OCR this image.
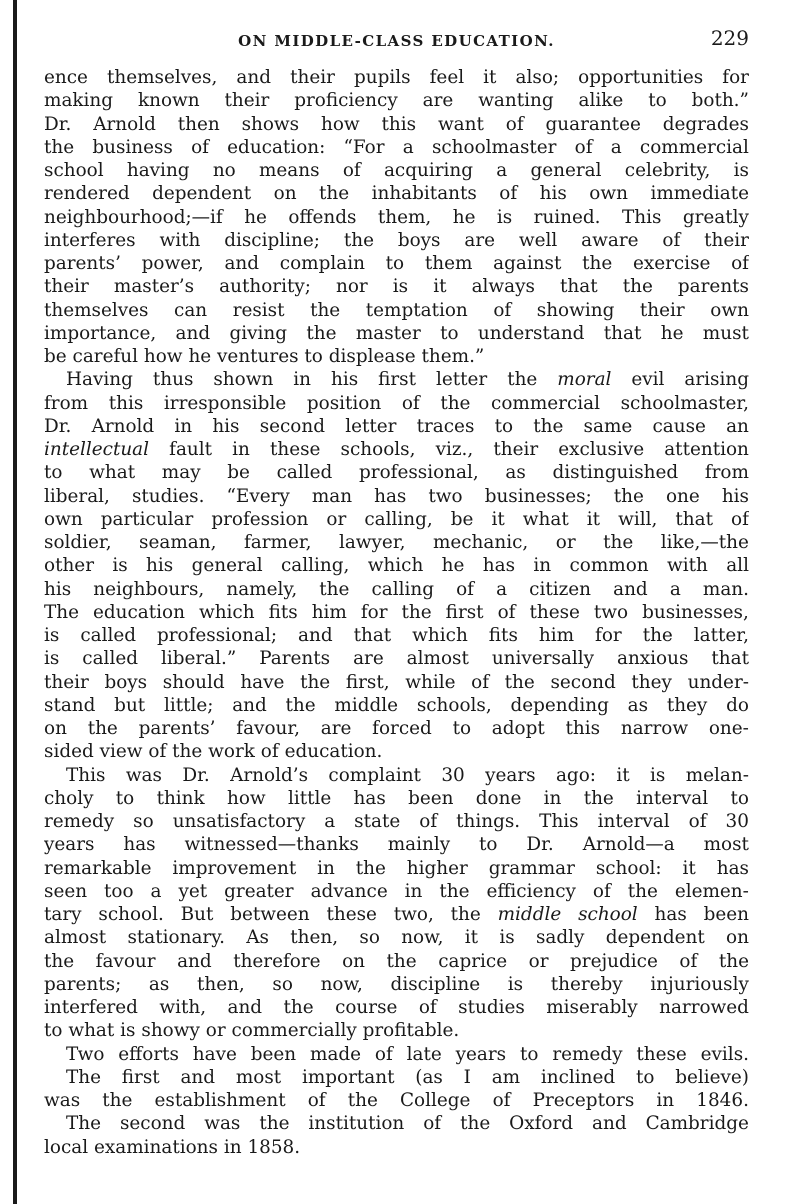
ON MIDDLE-CLASS EDUCATION.	229
ence themselves, and their pupils feel it also; opportunities for
making known their proficiency are wanting alike to both.”
Dr. Arnold then shows how this want of guarantee degrades
the business of education: “For a schoolmaster of a commercial
school having no means of acquiring a general celebrity, is
rendered dependent on the inhabitants of his own immediate
neighbourhood;—if he offends them, he is ruined. This greatly
interferes with discipline; the boys are well aware of their
parents’ power, and complain to them against the exercise of
their master’s authority; nor is it always that the parents
themselves can resist the temptation of showing their own
importance, and giving the master to understand that he must
be careful how he ventures to displease them.”
Having thus shown in his first letter the moral evil arising
from this irresponsible position of the commercial schoolmaster,
Dr. Arnold in his second letter traces to the same cause an
intellectual fault in these schools, viz., their exclusive attention
to what may be called professional, as distinguished from
liberal, studies. “Every man has two businesses; the one his
own particular profession or calling, be it what it will, that of
soldier, seaman, farmer, lawyer, mechanic, or the like,—the
other is his general calling, which he has in common with all
his neighbours, namely, the calling of a citizen and a man.
The education which fits him for the first of these two businesses,
is called professional; and that which fits him for the latter,
is called liberal.” Parents are almost universally anxious that
their boys should have the first, while of the second they under-
stand but little; and the middle schools, depending as they do
on the parents’ favour, are forced to adopt this narrow one-
sided view of the work of education.
This was Dr. Arnold’s complaint 30 years ago: it is melan-
choly to think how little has been done in the interval to
remedy so unsatisfactory a state of things. This interval of 30
years has witnessed—thanks mainly to Dr. Arnold—a most
remarkable improvement in the higher grammar school: it has
seen too a yet greater advance in the efficiency of the elemen-
tary school. But between these two, the middle school has been
almost stationary. As then, so now, it is sadly dependent on
the favour and therefore on the caprice or prejudice of the
parents; as then, so now, discipline is thereby injuriously
interfered with, and the course of studies miserably narrowed
to what is showy or commercially profitable.
Two efforts have been made of late years to remedy these evils.
The first and most important (as I am inclined to believe)
was the establishment of the College of Preceptors in 1846.
The second was the institution of the Oxford and Cambridge
local examinations in 1858.
